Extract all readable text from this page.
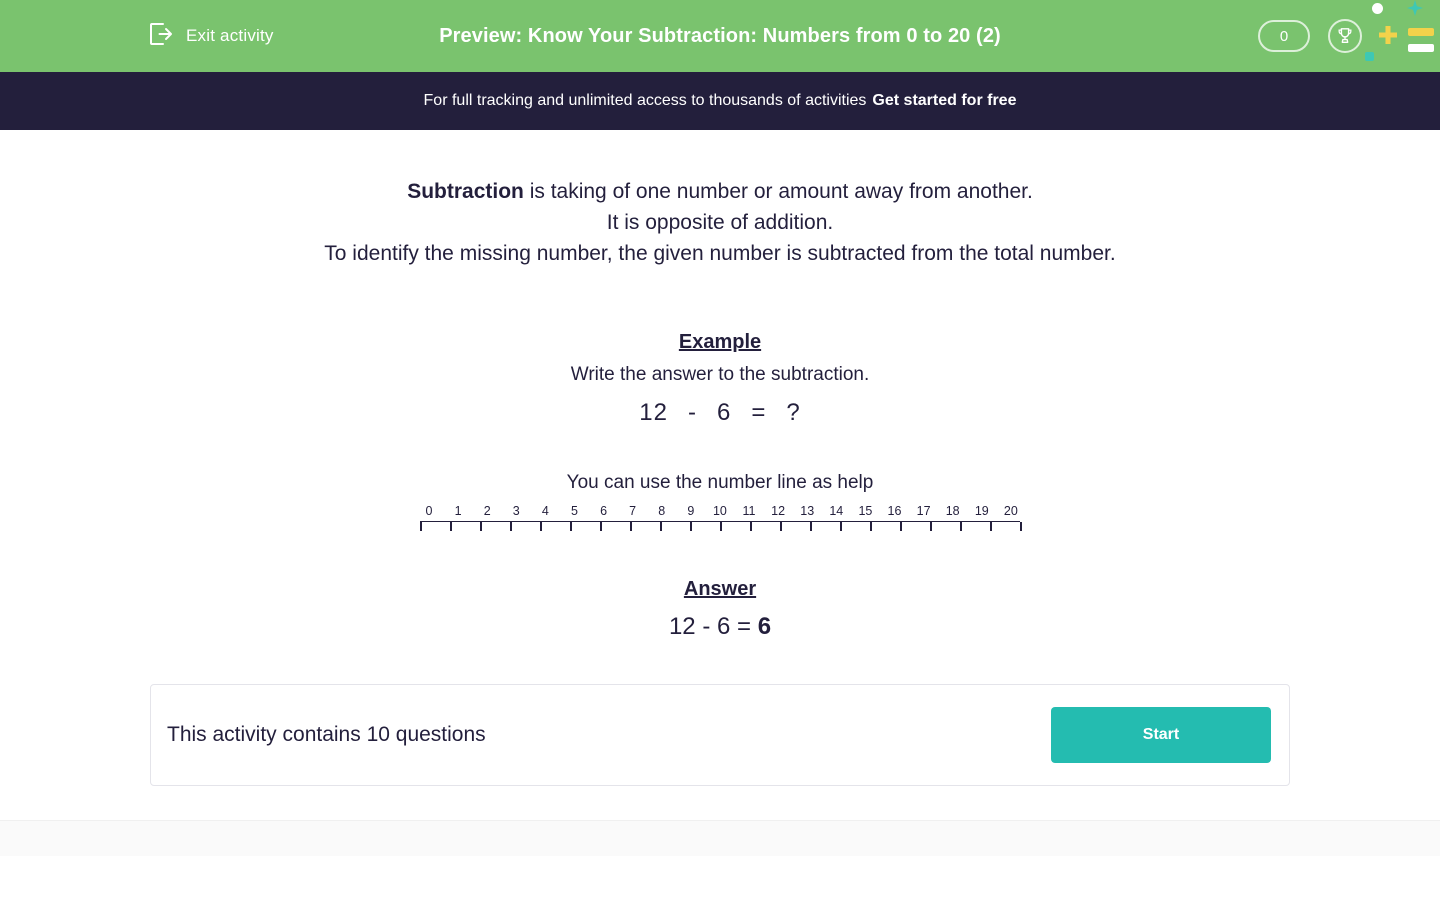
Exit activity	Preview: Know Your Subtraction: Numbers from 0 to 20 (2)	0
For full tracking and unlimited access to thousands of activities Get started for free
Subtraction is taking of one number or amount away from another.
It is opposite of addition.
To identify the missing number, the given number is subtracted from the total number.
Example
Write the answer to the subtraction.
12 - 6 = ?
You can use the number line as help
0	1	2	3	4	5	6	7	8	9	10 11 12 13 14 15 16 17 18 19 20
Answer
12 - 6 = 6
This activity contains 10 questions	Start
